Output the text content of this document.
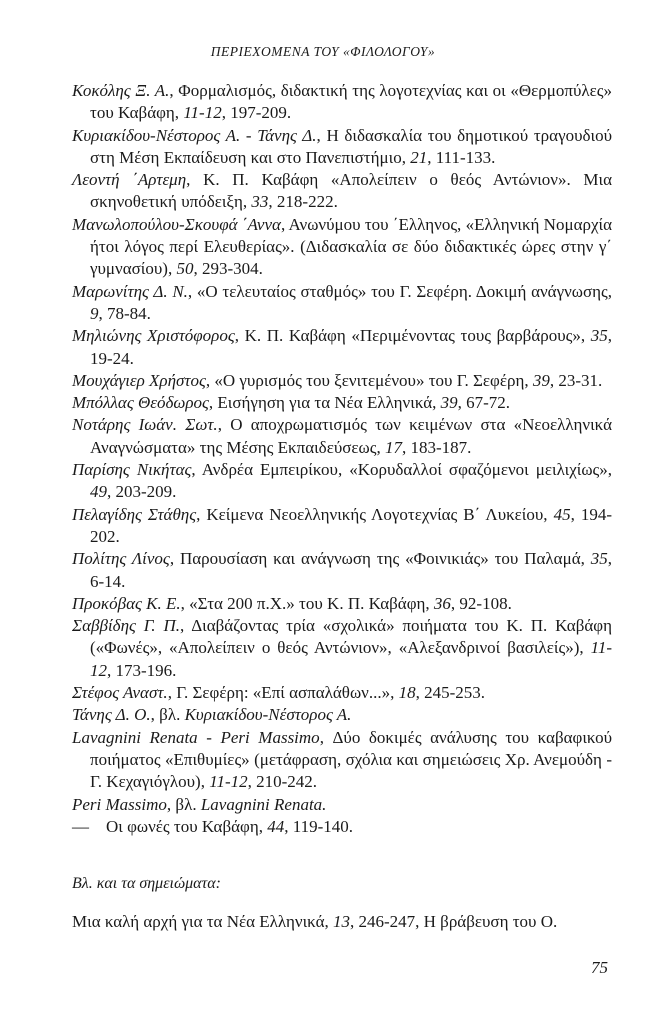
ΠΕΡΙΕΧΟΜΕΝΑ ΤΟΥ «ΦΙΛΟΛΟΓΟΥ»

Κοκόλης Ξ. Α., Φορμαλισμός, διδακτική της λογοτεχνίας και οι «Θερμοπύλες» του Καβάφη, 11-12, 197-209.

Κυριακίδου-Νέστορος Α. - Τάνης Δ., Η διδασκαλία του δημοτικού τραγουδιού στη Μέση Εκπαίδευση και στο Πανεπιστήμιο, 21, 111-133.

Λεοντή ΄Αρτεμη, Κ. Π. Καβάφη «Απολείπειν ο θεός Αντώνιον». Μια σκηνοθετική υπόδειξη, 33, 218-222.

Μανωλοπούλου-Σκουφά ΄Αννα, Ανωνύμου του ΄Ελληνος, «Ελληνική Νομαρχία ήτοι λόγος περί Ελευθερίας». (Διδασκαλία σε δύο διδακτικές ώρες στην γ΄ γυμνασίου), 50, 293-304.

Μαρωνίτης Δ. Ν., «Ο τελευταίος σταθμός» του Γ. Σεφέρη. Δοκιμή ανάγνωσης, 9, 78-84.

Μηλιώνης Χριστόφορος, Κ. Π. Καβάφη «Περιμένοντας τους βαρβάρους», 35, 19-24.

Μουχάγιερ Χρήστος, «Ο γυρισμός του ξενιτεμένου» του Γ. Σεφέρη, 39, 23-31.

Μπόλλας Θεόδωρος, Εισήγηση για τα Νέα Ελληνικά, 39, 67-72.

Νοτάρης Ιωάν. Σωτ., Ο αποχρωματισμός των κειμένων στα «Νεοελληνικά Αναγνώσματα» της Μέσης Εκπαιδεύσεως, 17, 183-187.

Παρίσης Νικήτας, Ανδρέα Εμπειρίκου, «Κορυδαλλοί σφαζόμενοι μειλιχίως», 49, 203-209.

Πελαγίδης Στάθης, Κείμενα Νεοελληνικής Λογοτεχνίας Β΄ Λυκείου, 45, 194-202.

Πολίτης Λίνος, Παρουσίαση και ανάγνωση της «Φοινικιάς» του Παλαμά, 35, 6-14.

Προκόβας Κ. Ε., «Στα 200 π.Χ.» του Κ. Π. Καβάφη, 36, 92-108.

Σαββίδης Γ. Π., Διαβάζοντας τρία «σχολικά» ποιήματα του Κ. Π. Καβάφη («Φωνές», «Απολείπειν ο θεός Αντώνιον», «Αλεξανδρινοί βασιλείς»), 11-12, 173-196.

Στέφος Αναστ., Γ. Σεφέρη: «Επί ασπαλάθων...», 18, 245-253.

Τάνης Δ. Ο., βλ. Κυριακίδου-Νέστορος Α.

Lavagnini Renata - Peri Massimo, Δύο δοκιμές ανάλυσης του καβαφικού ποιήματος «Επιθυμίες» (μετάφραση, σχόλια και σημειώσεις Χρ. Ανεμούδη - Γ. Κεχαγιόγλου), 11-12, 210-242.

Peri Massimo, βλ. Lavagnini Renata.

— Οι φωνές του Καβάφη, 44, 119-140.

Βλ. και τα σημειώματα:
Μια καλή αρχή για τα Νέα Ελληνικά, 13, 246-247, Η βράβευση του Ο.
75
